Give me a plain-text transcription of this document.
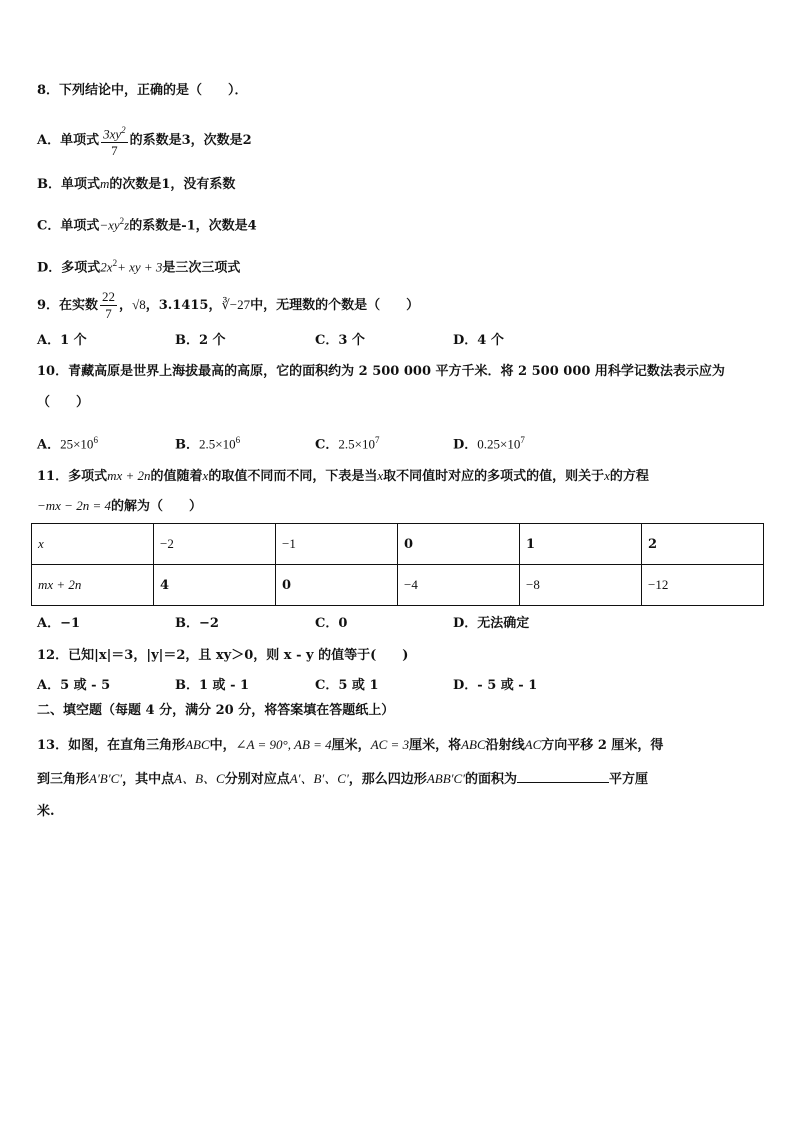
8．下列结论中，正确的是（　　）．
A．单项式 $\frac{3xy^2}{7}$ 的系数是3，次数是2
B．单项式m的次数是1，没有系数
C．单项式$-xy^2z$的系数是-1，次数是4
D．多项式$2x^2+$ xy + 3是三次三项式
9．在实数 $\frac{22}{7}$ ，√8，3.1415，∛−27中，无理数的个数是（　　）
A．1 个	B．2 个	C．3 个	D．4 个
10．青藏高原是世界上海拔最高的高原，它的面积约为 2 500 000 平方千米．将 2 500 000 用科学记数法表示应为
（　　）
A．$25\times 10^6$	B．$2.5\times 10^6$	C．$2.5\times 10^7$	D．$0.25\times 10^7$
11．多项式mx + 2n的值随着x的取值不同而不同，下表是当x取不同值时对应的多项式的值，则关于x的方程
−mx − 2n = 4的解为（　　）
x	−2	−1	0	1	2
mx + 2n	4	0	−4	−8	−12
A．−1	B．−2	C．0	D．无法确定
12．已知|x|＝3，|y|＝2，且 xy＞0，则 x - y 的值等于(　　)
A．5 或 - 5	B．1 或 - 1	C．5 或 1	D．- 5 或 - 1
二、填空题（每题 4 分，满分 20 分，将答案填在答题纸上）
13．如图，在直角三角形ABC中，∠A = 90°, AB = 4厘米，AC = 3厘米，将ABC沿射线AC方向平移 2 厘米，得
到三角形A′B′C′，其中点A、B、C分别对应点A′、B′、C′，那么四边形ABB′C′的面积为	平方厘
米.
